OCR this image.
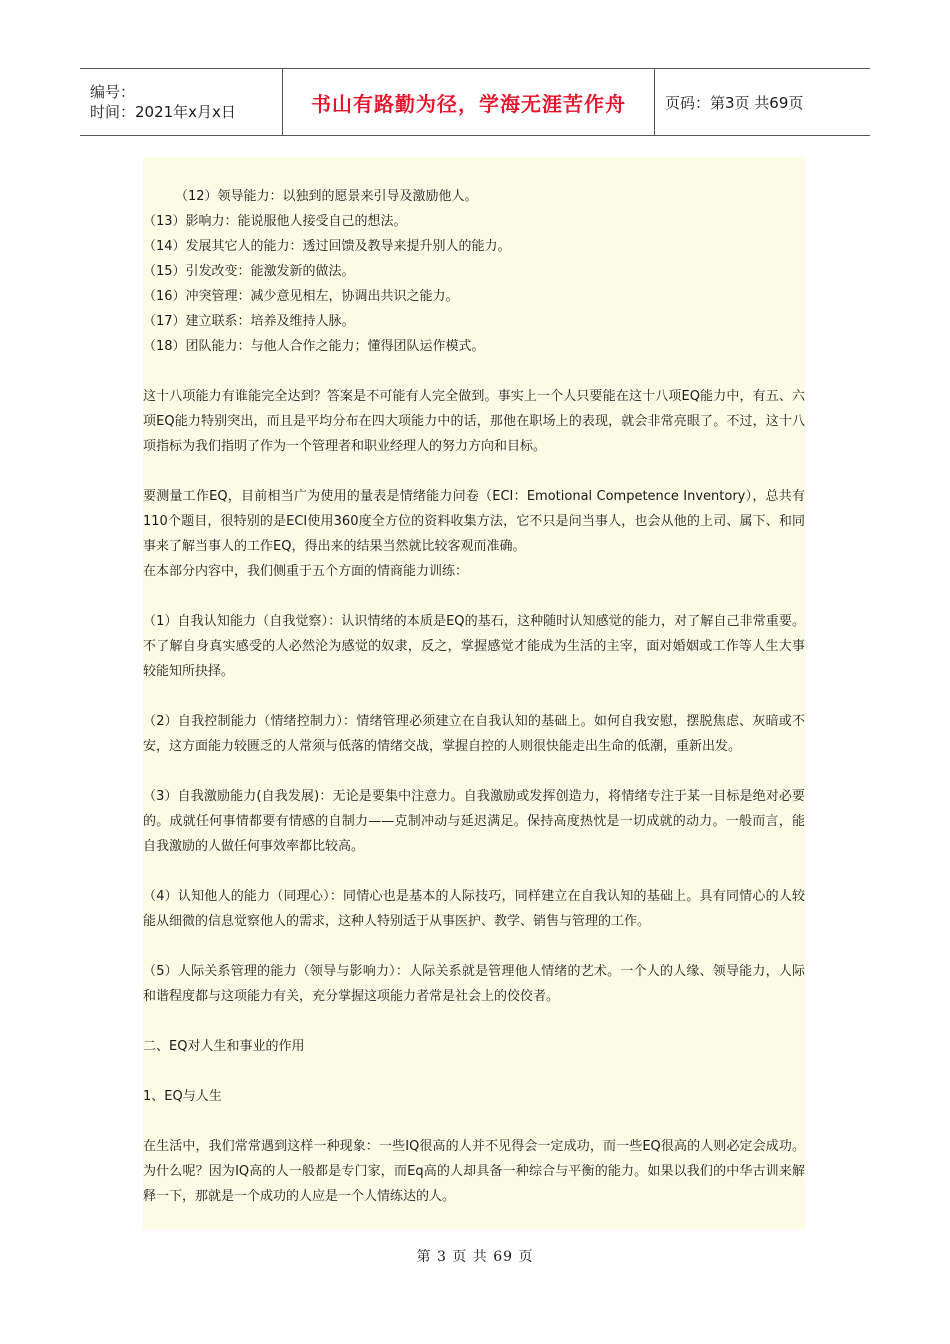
编号：
时间：2021年x月x日	书山有路勤为径，学海无涯苦作舟	页码：第3页 共69页

（12）领导能力：以独到的愿景来引导及激励他人。

（13）影响力：能说服他人接受自己的想法。

（14）发展其它人的能力：透过回馈及教导来提升别人的能力。

（15）引发改变：能激发新的做法。

（16）冲突管理：减少意见相左，协调出共识之能力。

（17）建立联系：培养及维持人脉。

（18）团队能力：与他人合作之能力；懂得团队运作模式。

这十八项能力有谁能完全达到？答案是不可能有人完全做到。事实上一个人只要能在这十八项EQ能力中，有五、六项EQ能力特别突出，而且是平均分布在四大项能力中的话，那他在职场上的表现，就会非常亮眼了。不过，这十八项指标为我们指明了作为一个管理者和职业经理人的努力方向和目标。

要测量工作EQ，目前相当广为使用的量表是情绪能力问卷（ECI：Emotional Competence Inventory），总共有110个题目，很特别的是ECI使用360度全方位的资料收集方法，它不只是问当事人，也会从他的上司、属下、和同事来了解当事人的工作EQ，得出来的结果当然就比较客观而准确。

在本部分内容中，我们侧重于五个方面的情商能力训练：

（1）自我认知能力（自我觉察）：认识情绪的本质是EQ的基石，这种随时认知感觉的能力，对了解自己非常重要。不了解自身真实感受的人必然沦为感觉的奴隶，反之，掌握感觉才能成为生活的主宰，面对婚姻或工作等人生大事较能知所抉择。

（2）自我控制能力（情绪控制力）：情绪管理必须建立在自我认知的基础上。如何自我安慰，摆脱焦虑、灰暗或不安，这方面能力较匮乏的人常须与低落的情绪交战，掌握自控的人则很快能走出生命的低潮，重新出发。

（3）自我激励能力(自我发展)：无论是要集中注意力。自我激励或发挥创造力，将情绪专注于某一目标是绝对必要的。成就任何事情都要有情感的自制力——克制冲动与延迟满足。保持高度热忱是一切成就的动力。一般而言，能自我激励的人做任何事效率都比较高。

（4）认知他人的能力（同理心）：同情心也是基本的人际技巧，同样建立在自我认知的基础上。具有同情心的人较能从细微的信息觉察他人的需求，这种人特别适于从事医护、教学、销售与管理的工作。

（5）人际关系管理的能力（领导与影响力）：人际关系就是管理他人情绪的艺术。一个人的人缘、领导能力，人际和谐程度都与这项能力有关，充分掌握这项能力者常是社会上的佼佼者。

二、EQ对人生和事业的作用

1、EQ与人生

在生活中，我们常常遇到这样一种现象：一些IQ很高的人并不见得会一定成功，而一些EQ很高的人则必定会成功。为什么呢？因为IQ高的人一般都是专门家，而Eq高的人却具备一种综合与平衡的能力。如果以我们的中华古训来解释一下，那就是一个成功的人应是一个人情练达的人。

第 3 页 共 69 页
